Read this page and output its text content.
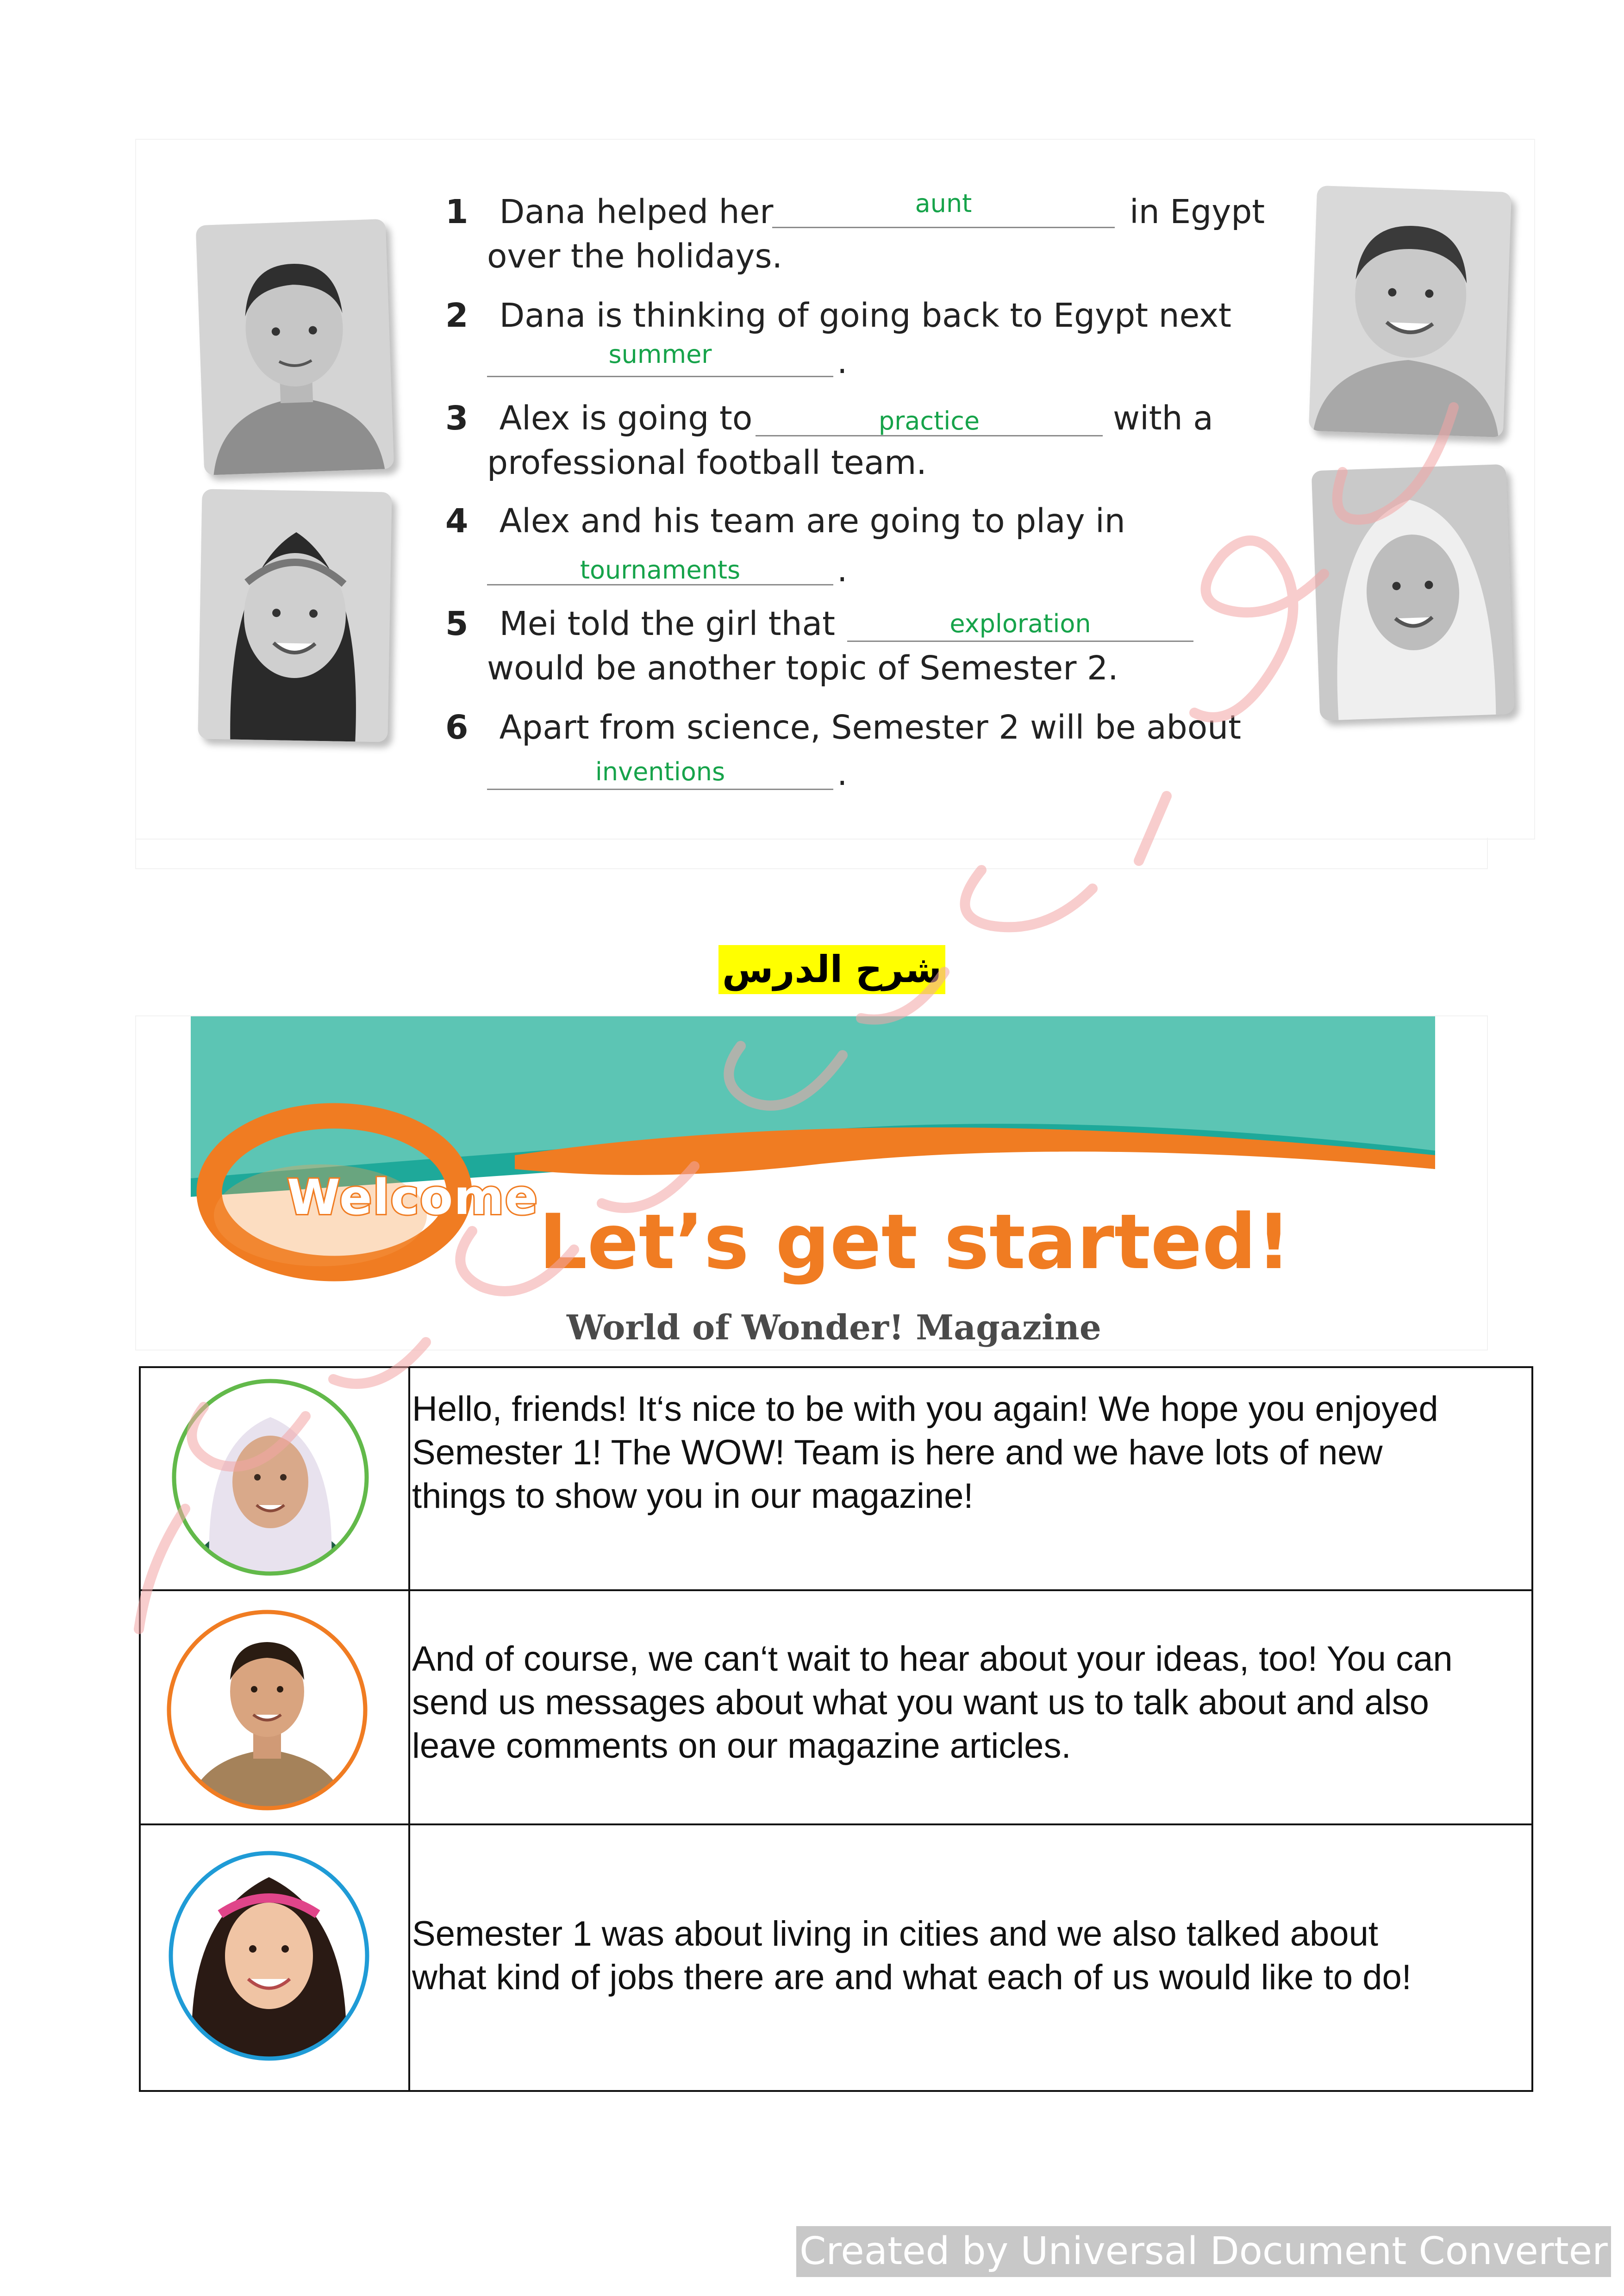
1 Dana helped her	aunt	in Egypt
over the holidays.
2 Dana is thinking of going back to Egypt next
summer	.
3 Alex is going to	practice	with a
professional football team.
4 Alex and his team are going to play in
tournaments	.
5 Mei told the girl that	exploration
would be another topic of Semester 2.
6 Apart from science, Semester 2 will be about
inventions	.
شرح الدرس
Welcome
Let’s get started!
World of Wonder! Magazine
Hello, friends! It‘s nice to be with you again! We hope you enjoyed
Semester 1! The WOW! Team is here and we have lots of new
things to show you in our magazine!
And of course, we can‘t wait to hear about your ideas, too! You can
send us messages about what you want us to talk about and also
leave comments on our magazine articles.
Semester 1 was about living in cities and we also talked about
what kind of jobs there are and what each of us would like to do!
Created by Universal Document Converter
